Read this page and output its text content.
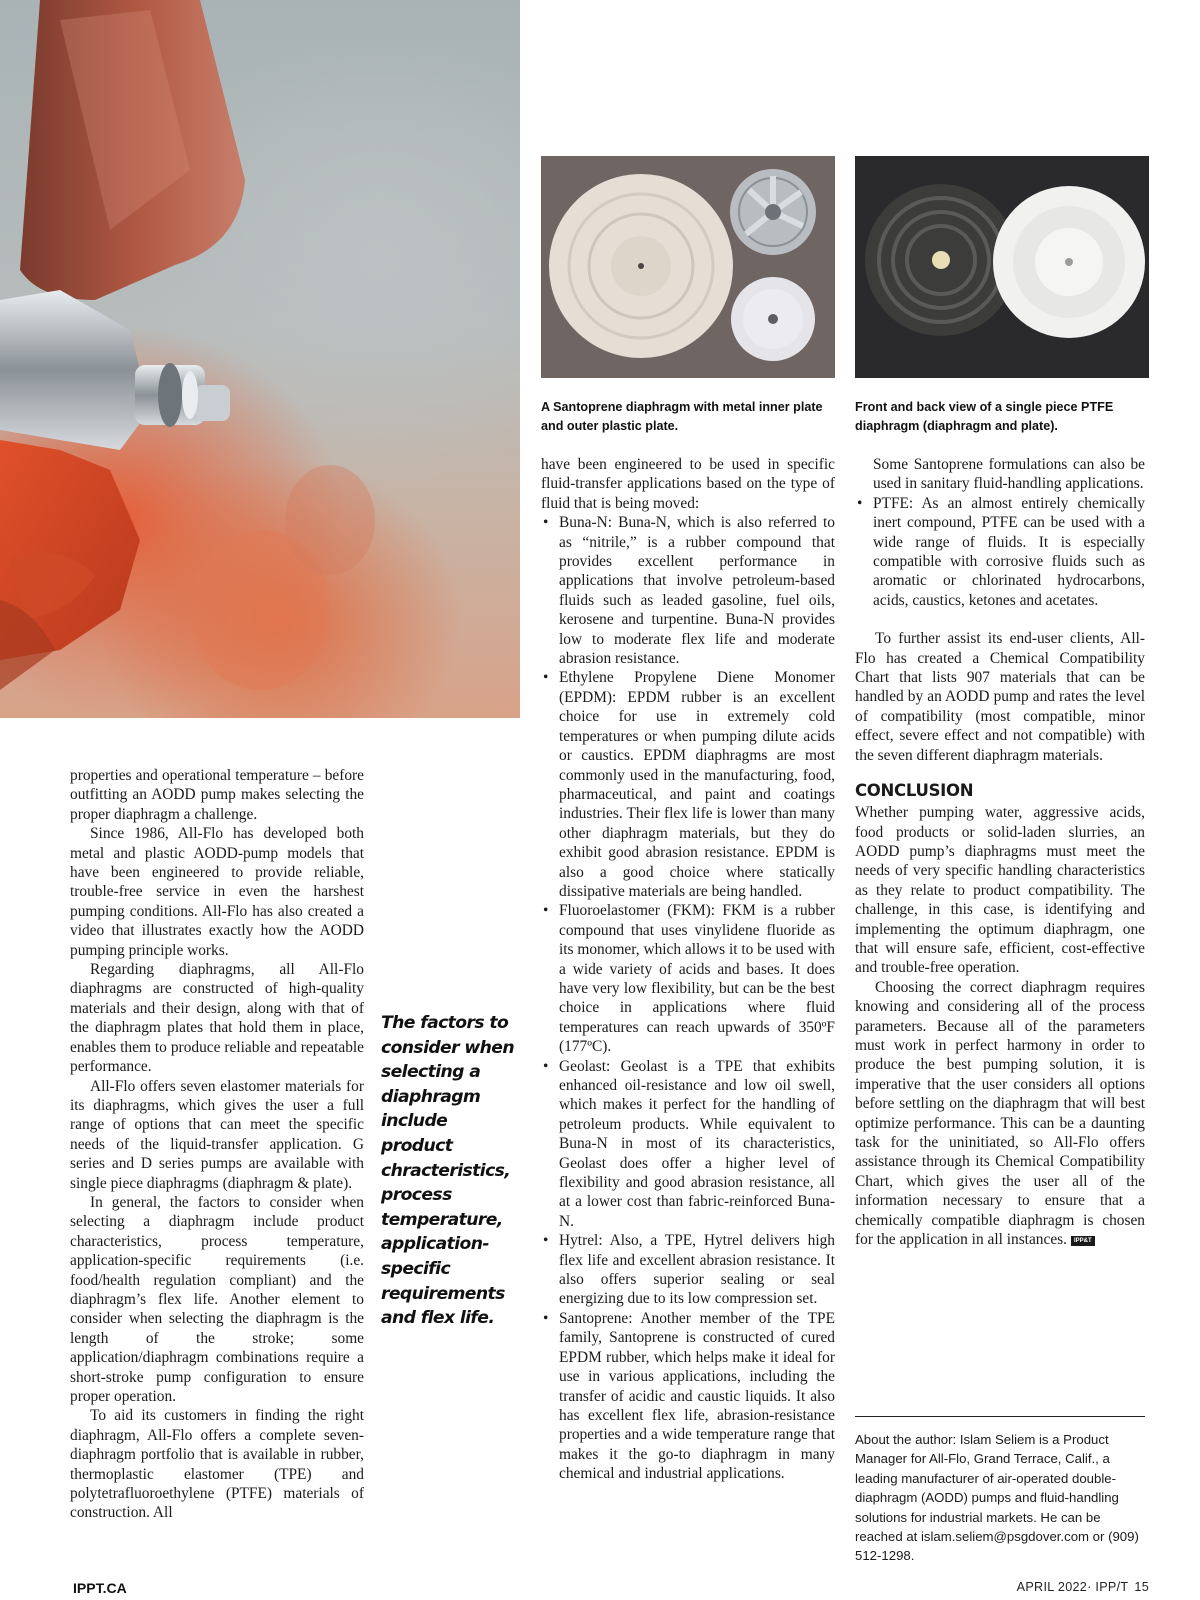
A Santoprene diaphragm with metal inner plate and outer plastic plate.
Front and back view of a single piece PTFE diaphragm (diaphragm and plate).

properties and operational temperature – before outfitting an AODD pump makes selecting the proper diaphragm a challenge.

Since 1986, All-Flo has developed both metal and plastic AODD-pump models that have been engineered to provide reliable, trouble-free service in even the harshest pumping conditions. All-Flo has also created a video that illustrates exactly how the AODD pumping principle works.

Regarding diaphragms, all All-Flo diaphragms are constructed of high-quality materials and their design, along with that of the diaphragm plates that hold them in place, enables them to produce reliable and repeatable performance.

All-Flo offers seven elastomer materials for its diaphragms, which gives the user a full range of options that can meet the specific needs of the liquid-transfer application. G series and D series pumps are available with single piece diaphragms (diaphragm & plate).

In general, the factors to consider when selecting a diaphragm include product characteristics, process temperature, application-specific requirements (i.e. food/health regulation compliant) and the diaphragm’s flex life. Another element to consider when selecting the diaphragm is the length of the stroke; some application/diaphragm combinations require a short-stroke pump configuration to ensure proper operation.

To aid its customers in finding the right diaphragm, All-Flo offers a complete seven-diaphragm portfolio that is available in rubber, thermoplastic elastomer (TPE) and polytetrafluoroethylene (PTFE) materials of construction. All

The factors to consider when selecting a diaphragm include product chracteristics, process temperature, application-specific requirements and flex life.

have been engineered to be used in specific fluid-transfer applications based on the type of fluid that is being moved:

• Buna-N: Buna-N, which is also referred to as “nitrile,” is a rubber compound that provides excellent performance in applications that involve petroleum-based fluids such as leaded gasoline, fuel oils, kerosene and turpentine. Buna-N provides low to moderate flex life and moderate abrasion resistance.
• Ethylene Propylene Diene Monomer (EPDM): EPDM rubber is an excellent choice for use in extremely cold temperatures or when pumping dilute acids or caustics. EPDM diaphragms are most commonly used in the manufacturing, food, pharmaceutical, and paint and coatings industries. Their flex life is lower than many other diaphragm materials, but they do exhibit good abrasion resistance. EPDM is also a good choice where statically dissipative materials are being handled.
• Fluoroelastomer (FKM): FKM is a rubber compound that uses vinylidene fluoride as its monomer, which allows it to be used with a wide variety of acids and bases. It does have very low flexibility, but can be the best choice in applications where fluid temperatures can reach upwards of 350ºF (177ºC).
• Geolast: Geolast is a TPE that exhibits enhanced oil-resistance and low oil swell, which makes it perfect for the handling of petroleum products. While equivalent to Buna-N in most of its characteristics, Geolast does offer a higher level of flexibility and good abrasion resistance, all at a lower cost than fabric-reinforced Buna-N.
• Hytrel: Also, a TPE, Hytrel delivers high flex life and excellent abrasion resistance. It also offers superior sealing or seal energizing due to its low compression set.
• Santoprene: Another member of the TPE family, Santoprene is constructed of cured EPDM rubber, which helps make it ideal for use in various applications, including the transfer of acidic and caustic liquids. It also has excellent flex life, abrasion-resistance properties and a wide temperature range that makes it the go-to diaphragm in many chemical and industrial applications.

Some Santoprene formulations can also be used in sanitary fluid-handling applications.

• PTFE: As an almost entirely chemically inert compound, PTFE can be used with a wide range of fluids. It is especially compatible with corrosive fluids such as aromatic or chlorinated hydrocarbons, acids, caustics, ketones and acetates.

To further assist its end-user clients, All-Flo has created a Chemical Compatibility Chart that lists 907 materials that can be handled by an AODD pump and rates the level of compatibility (most compatible, minor effect, severe effect and not compatible) with the seven different diaphragm materials.

CONCLUSION

Whether pumping water, aggressive acids, food products or solid-laden slurries, an AODD pump’s diaphragms must meet the needs of very specific handling characteristics as they relate to product compatibility. The challenge, in this case, is identifying and implementing the optimum diaphragm, one that will ensure safe, efficient, cost-effective and trouble-free operation.

Choosing the correct diaphragm requires knowing and considering all of the process parameters. Because all of the parameters must work in perfect harmony in order to produce the best pumping solution, it is imperative that the user considers all options before settling on the diaphragm that will best optimize performance. This can be a daunting task for the uninitiated, so All-Flo offers assistance through its Chemical Compatibility Chart, which gives the user all of the information necessary to ensure that a chemically compatible diaphragm is chosen for the application in all instances. IPP&T

About the author: Islam Seliem is a Product Manager for All-Flo, Grand Terrace, Calif., a leading manufacturer of air-operated double-diaphragm (AODD) pumps and fluid-handling solutions for industrial markets. He can be reached at islam.seliem@psgdover.com or (909) 512-1298.
IPPT.CA	APRIL 2022· IPP/T 15
